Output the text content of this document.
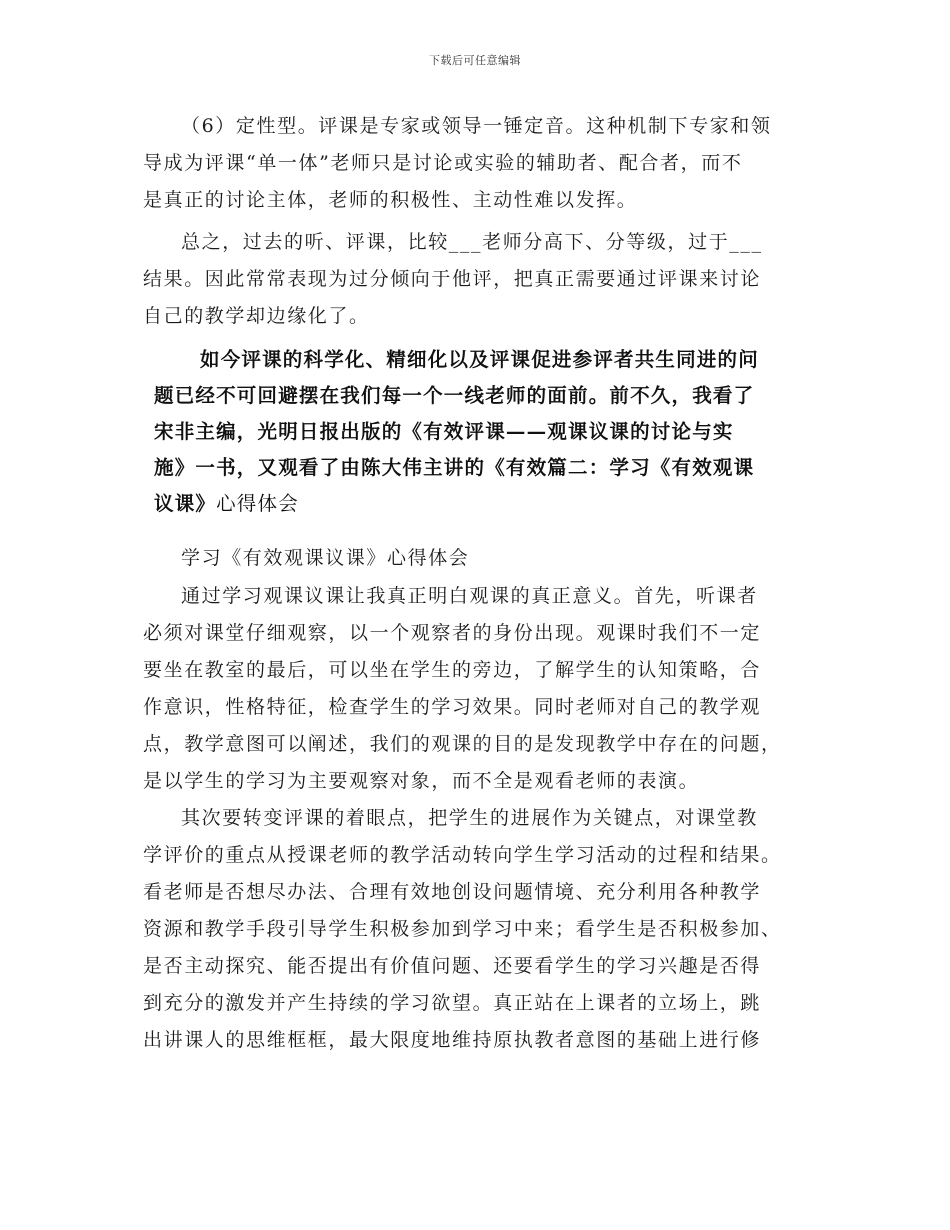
下载后可任意编辑

（6）定性型。评课是专家或领导一锤定音。这种机制下专家和领
导成为评课“单一体”老师只是讨论或实验的辅助者、配合者，而不
是真正的讨论主体，老师的积极性、主动性难以发挥。

总之，过去的听、评课，比较___老师分高下、分等级，过于___
结果。因此常常表现为过分倾向于他评，把真正需要通过评课来讨论
自己的教学却边缘化了。

如今评课的科学化、精细化以及评课促进参评者共生同进的问
题已经不可回避摆在我们每一个一线老师的面前。前不久，我看了
宋非主编，光明日报出版的《有效评课——观课议课的讨论与实
施》一书，又观看了由陈大伟主讲的《有效篇二：学习《有效观课
议课》心得体会

学习《有效观课议课》心得体会

通过学习观课议课让我真正明白观课的真正意义。首先，听课者
必须对课堂仔细观察，以一个观察者的身份出现。观课时我们不一定
要坐在教室的最后，可以坐在学生的旁边，了解学生的认知策略，合
作意识，性格特征，检查学生的学习效果。同时老师对自己的教学观
点，教学意图可以阐述，我们的观课的目的是发现教学中存在的问题，
是以学生的学习为主要观察对象，而不全是观看老师的表演。

其次要转变评课的着眼点，把学生的进展作为关键点，对课堂教
学评价的重点从授课老师的教学活动转向学生学习活动的过程和结果。
看老师是否想尽办法、合理有效地创设问题情境、充分利用各种教学
资源和教学手段引导学生积极参加到学习中来；看学生是否积极参加、
是否主动探究、能否提出有价值问题、还要看学生的学习兴趣是否得
到充分的激发并产生持续的学习欲望。真正站在上课者的立场上，跳
出讲课人的思维框框，最大限度地维持原执教者意图的基础上进行修
